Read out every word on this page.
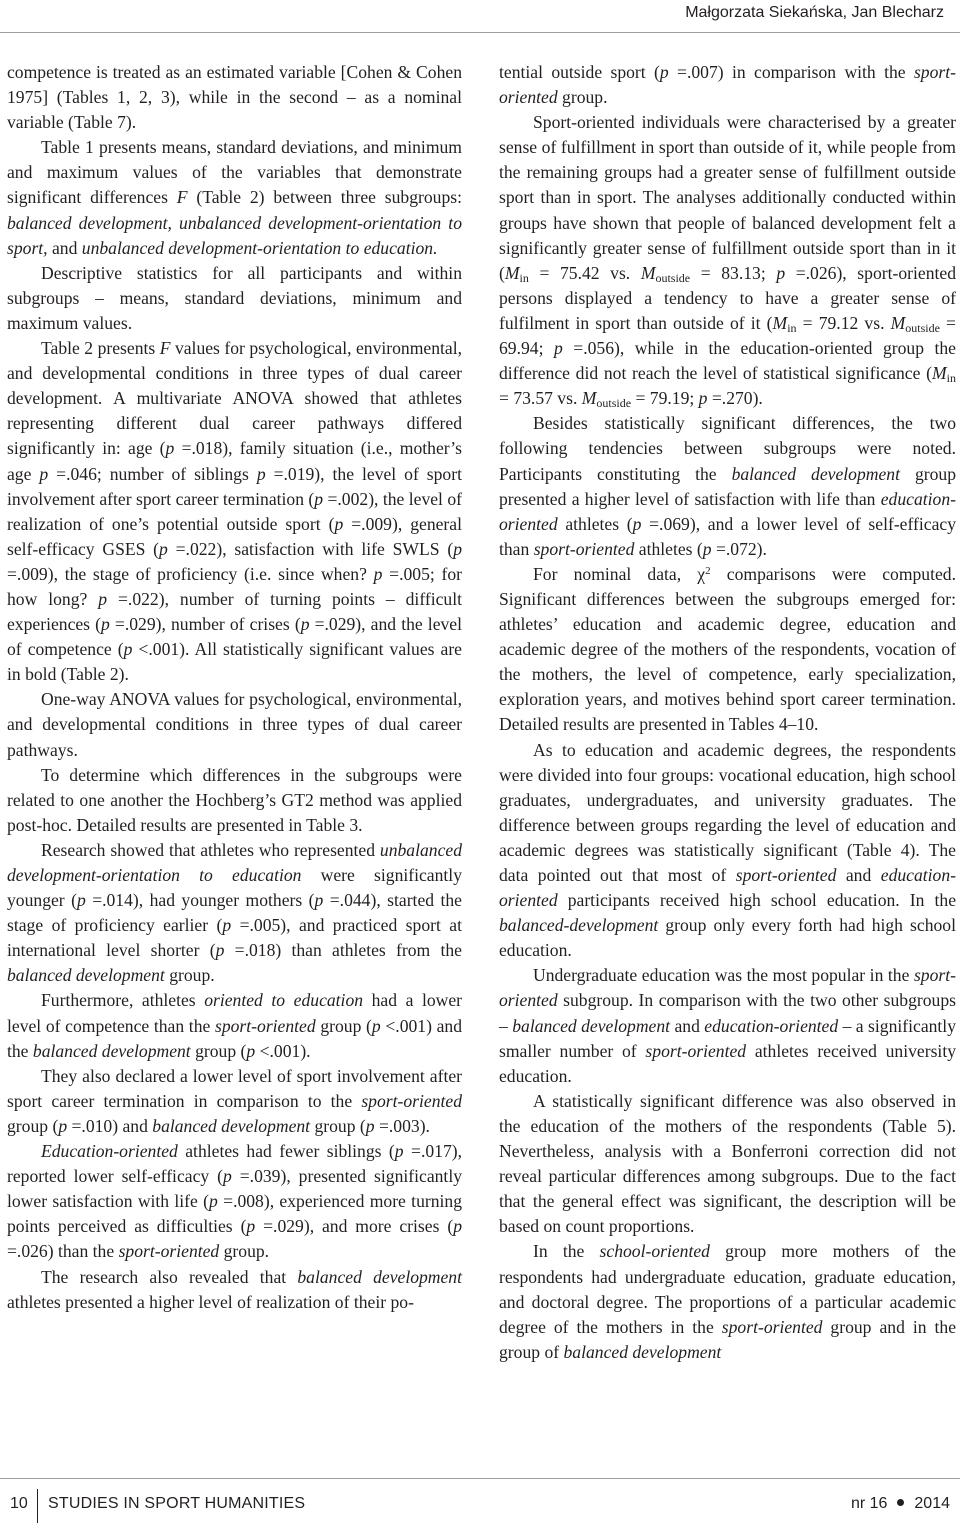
Małgorzata Siekańska, Jan Blecharz

competence is treated as an estimated variable [Cohen & Cohen 1975] (Tables 1, 2, 3), while in the second – as a nominal variable (Table 7).

Table 1 presents means, standard deviations, and minimum and maximum values of the variables that demonstrate significant differences F (Table 2) between three subgroups: balanced development, unbalanced development-orientation to sport, and unbalanced development-orientation to education.

Descriptive statistics for all participants and within subgroups – means, standard deviations, minimum and maximum values.

Table 2 presents F values for psychological, environmental, and developmental conditions in three types of dual career development. A multivariate ANOVA showed that athletes representing different dual career pathways differed significantly in: age (p =.018), family situation (i.e., mother’s age p =.046; number of siblings p =.019), the level of sport involvement after sport career termination (p =.002), the level of realization of one’s potential outside sport (p =.009), general self-efficacy GSES (p =.022), satisfaction with life SWLS (p =.009), the stage of proficiency (i.e. since when? p =.005; for how long? p =.022), number of turning points – difficult experiences (p =.029), number of crises (p =.029), and the level of competence (p <.001). All statistically significant values are in bold (Table 2).

One-way ANOVA values for psychological, environmental, and developmental conditions in three types of dual career pathways.

To determine which differences in the subgroups were related to one another the Hochberg’s GT2 method was applied post-hoc. Detailed results are presented in Table 3.

Research showed that athletes who represented unbalanced development-orientation to education were significantly younger (p =.014), had younger mothers (p =.044), started the stage of proficiency earlier (p =.005), and practiced sport at international level shorter (p =.018) than athletes from the balanced development group.

Furthermore, athletes oriented to education had a lower level of competence than the sport-oriented group (p <.001) and the balanced development group (p <.001).

They also declared a lower level of sport involvement after sport career termination in comparison to the sport-oriented group (p =.010) and balanced development group (p =.003).

Education-oriented athletes had fewer siblings (p =.017), reported lower self-efficacy (p =.039), presented significantly lower satisfaction with life (p =.008), experienced more turning points perceived as difficulties (p =.029), and more crises (p =.026) than the sport-oriented group.

The research also revealed that balanced development athletes presented a higher level of realization of their po-

tential outside sport (p =.007) in comparison with the sport-oriented group.

Sport-oriented individuals were characterised by a greater sense of fulfillment in sport than outside of it, while people from the remaining groups had a greater sense of fulfillment outside sport than in sport. The analyses additionally conducted within groups have shown that people of balanced development felt a significantly greater sense of fulfillment outside sport than in it ($M_{in} = 75.42$ vs. $M_{outside} = 83.13$; p =.026), sport-oriented persons displayed a tendency to have a greater sense of fulfilment in sport than outside of it ($M_{in} = 79.12$ vs. $M_{outside} = 69.94$; p =.056), while in the education-oriented group the difference did not reach the level of statistical significance ($M_{in} = 73.57$ vs. $M_{outside} = 79.19$; p =.270).

Besides statistically significant differences, the two following tendencies between subgroups were noted. Participants constituting the balanced development group presented a higher level of satisfaction with life than education-oriented athletes (p =.069), and a lower level of self-efficacy than sport-oriented athletes (p =.072).

For nominal data, $\chi^2$ comparisons were computed. Significant differences between the subgroups emerged for: athletes’ education and academic degree, education and academic degree of the mothers of the respondents, vocation of the mothers, the level of competence, early specialization, exploration years, and motives behind sport career termination. Detailed results are presented in Tables 4–10.

As to education and academic degrees, the respondents were divided into four groups: vocational education, high school graduates, undergraduates, and university graduates. The difference between groups regarding the level of education and academic degrees was statistically significant (Table 4). The data pointed out that most of sport-oriented and education-oriented participants received high school education. In the balanced-development group only every forth had high school education.

Undergraduate education was the most popular in the sport-oriented subgroup. In comparison with the two other subgroups – balanced development and education-oriented – a significantly smaller number of sport-oriented athletes received university education.

A statistically significant difference was also observed in the education of the mothers of the respondents (Table 5). Nevertheless, analysis with a Bonferroni correction did not reveal particular differences among subgroups. Due to the fact that the general effect was significant, the description will be based on count proportions.

In the school-oriented group more mothers of the respondents had undergraduate education, graduate education, and doctoral degree. The proportions of a particular academic degree of the mothers in the sport-oriented group and in the group of balanced development

10 STUDIES IN SPORT HUMANITIES	nr 16 2014
